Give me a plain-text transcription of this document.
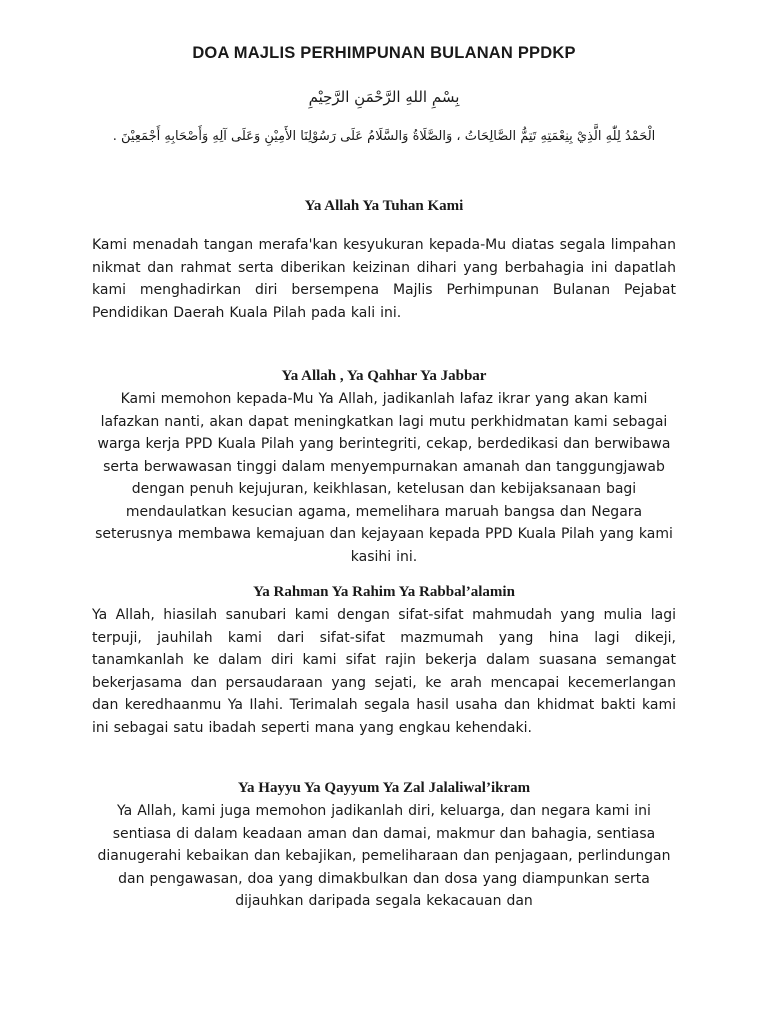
DOA MAJLIS PERHIMPUNAN BULANAN PPDKP

بِسْمِ اللهِ الرَّحْمَنِ الرَّحِيْمِ

الْحَمْدُ لِلّٰهِ الَّذِيْ بِنِعْمَتِهِ تَتِمُّ الصَّالِحَاتُ ، وَالصَّلَاةُ وَالسَّلَامُ عَلَى رَسُوْلِنَا الأَمِيْنِ وَعَلَى آلِهِ وَأَصْحَابِهِ أَجْمَعِيْنَ .

Ya Allah Ya Tuhan Kami

Kami menadah tangan merafa'kan kesyukuran kepada-Mu diatas segala limpahan nikmat dan rahmat serta diberikan keizinan dihari yang berbahagia ini dapatlah kami menghadirkan diri bersempena Majlis Perhimpunan Bulanan Pejabat Pendidikan Daerah Kuala Pilah pada kali ini.

Ya Allah , Ya Qahhar Ya Jabbar

Kami memohon kepada-Mu Ya Allah, jadikanlah lafaz ikrar yang akan kami lafazkan nanti, akan dapat meningkatkan lagi mutu perkhidmatan kami sebagai warga kerja PPD Kuala Pilah yang berintegriti, cekap, berdedikasi dan berwibawa serta berwawasan tinggi dalam menyempurnakan amanah dan tanggungjawab dengan penuh kejujuran, keikhlasan, ketelusan dan kebijaksanaan bagi mendaulatkan kesucian agama, memelihara maruah bangsa dan Negara seterusnya membawa kemajuan dan kejayaan kepada PPD Kuala Pilah yang kami kasihi ini.

Ya Rahman Ya Rahim Ya Rabbal’alamin

Ya Allah, hiasilah sanubari kami dengan sifat-sifat mahmudah yang mulia lagi terpuji, jauhilah kami dari sifat-sifat mazmumah yang hina lagi dikeji, tanamkanlah ke dalam diri kami sifat rajin bekerja dalam suasana semangat bekerjasama dan persaudaraan yang sejati, ke arah mencapai kecemerlangan dan keredhaanmu Ya Ilahi. Terimalah segala hasil usaha dan khidmat bakti kami ini sebagai satu ibadah seperti mana yang engkau kehendaki.

Ya Hayyu Ya Qayyum Ya Zal Jalaliwal’ikram

Ya Allah, kami juga memohon jadikanlah diri, keluarga, dan negara kami ini sentiasa di dalam keadaan aman dan damai, makmur dan bahagia, sentiasa dianugerahi kebaikan dan kebajikan, pemeliharaan dan penjagaan, perlindungan dan pengawasan, doa yang dimakbulkan dan dosa yang diampunkan serta dijauhkan daripada segala kekacauan dan
